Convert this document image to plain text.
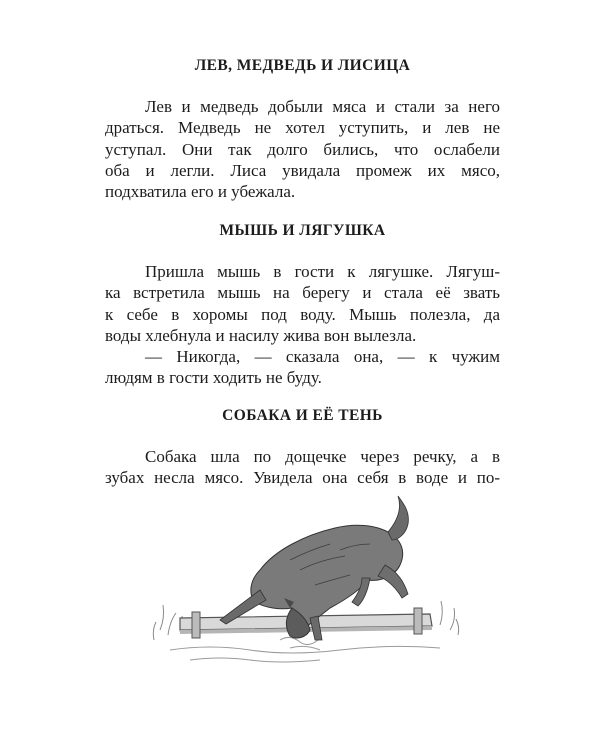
ЛЕВ, МЕДВЕДЬ И ЛИСИЦА

Лев и медведь добыли мяса и стали за него

драться. Медведь не хотел уступить, и лев не

уступал. Они так долго бились, что ослабели

оба и легли. Лиса увидала промеж их мясо,

подхватила его и убежала.

МЫШЬ И ЛЯГУШКА

Пришла мышь в гости к лягушке. Лягуш-

ка встретила мышь на берегу и стала её звать

к себе в хоромы под воду. Мышь полезла, да

воды хлебнула и насилу жива вон вылезла.

— Никогда, — сказала она, — к чужим

людям в гости ходить не буду.

СОБАКА И ЕЁ ТЕНЬ

Собака шла по дощечке через речку, а в

зубах несла мясо. Увидела она себя в воде и по-
